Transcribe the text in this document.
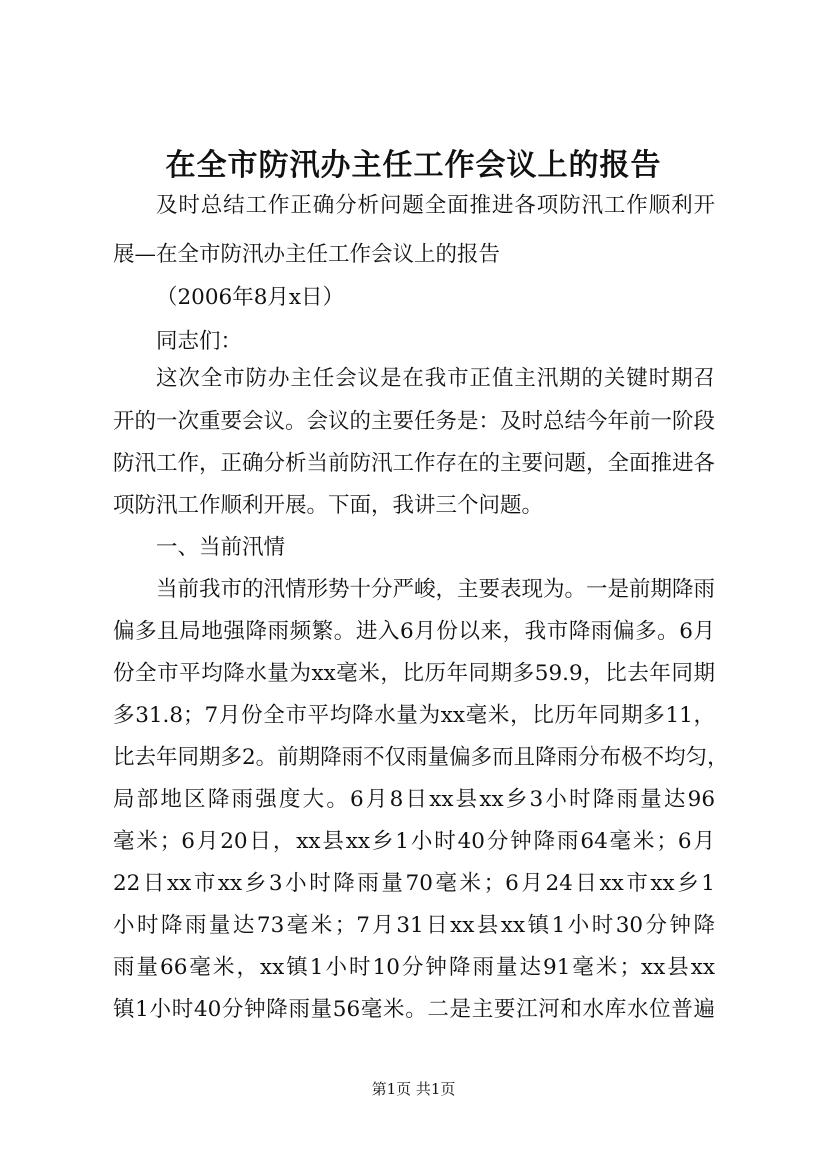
在全市防汛办主任工作会议上的报告
及时总结工作正确分析问题全面推进各项防汛工作顺利开
展—在全市防汛办主任工作会议上的报告
（2006年8月x日）
同志们：
这次全市防办主任会议是在我市正值主汛期的关键时期召
开的一次重要会议。会议的主要任务是：及时总结今年前一阶段
防汛工作，正确分析当前防汛工作存在的主要问题，全面推进各
项防汛工作顺利开展。下面，我讲三个问题。
一、当前汛情
当前我市的汛情形势十分严峻，主要表现为。一是前期降雨
偏多且局地强降雨频繁。进入6月份以来，我市降雨偏多。6月
份全市平均降水量为xx毫米，比历年同期多59.9，比去年同期
多31.8；7月份全市平均降水量为xx毫米，比历年同期多11，
比去年同期多2。前期降雨不仅雨量偏多而且降雨分布极不均匀，
局部地区降雨强度大。6月8日xx县xx乡3小时降雨量达96
毫米；6月20日，xx县xx乡1小时40分钟降雨64毫米；6月
22日xx市xx乡3小时降雨量70毫米；6月24日xx市xx乡1
小时降雨量达73毫米；7月31日xx县xx镇1小时30分钟降
雨量66毫米，xx镇1小时10分钟降雨量达91毫米；xx县xx
镇1小时40分钟降雨量56毫米。二是主要江河和水库水位普遍
第1页 共1页
